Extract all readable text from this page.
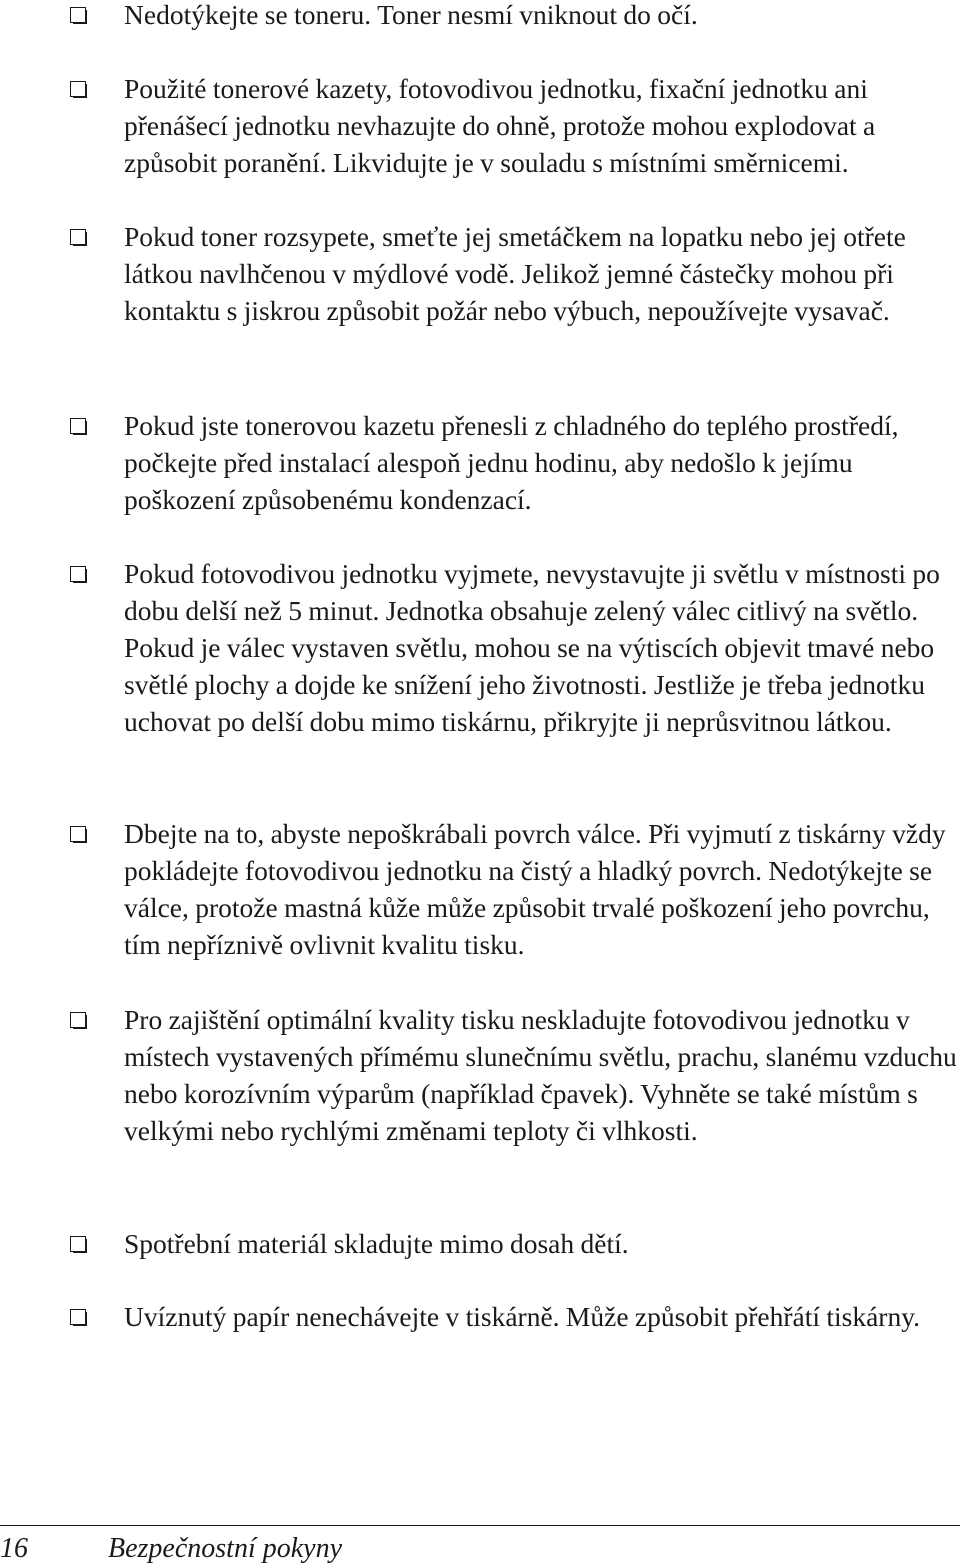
Nedotýkejte se toneru. Toner nesmí vniknout do očí.
Použité tonerové kazety, fotovodivou jednotku, fixační jednotku ani přenášecí jednotku nevhazujte do ohně, protože mohou explodovat a způsobit poranění. Likvidujte je v souladu s místními směrnicemi.
Pokud toner rozsypete, smeťte jej smetáčkem na lopatku nebo jej otřete látkou navlhčenou v mýdlové vodě. Jelikož jemné částečky mohou při kontaktu s jiskrou způsobit požár nebo výbuch, nepoužívejte vysavač.
Pokud jste tonerovou kazetu přenesli z chladného do teplého prostředí, počkejte před instalací alespoň jednu hodinu, aby nedošlo k jejímu poškození způsobenému kondenzací.
Pokud fotovodivou jednotku vyjmete, nevystavujte ji světlu v místnosti po dobu delší než 5 minut. Jednotka obsahuje zelený válec citlivý na světlo. Pokud je válec vystaven světlu, mohou se na výtiscích objevit tmavé nebo světlé plochy a dojde ke snížení jeho životnosti. Jestliže je třeba jednotku uchovat po delší dobu mimo tiskárnu, přikryjte ji neprůsvitnou látkou.
Dbejte na to, abyste nepoškrábali povrch válce. Při vyjmutí z tiskárny vždy pokládejte fotovodivou jednotku na čistý a hladký povrch. Nedotýkejte se válce, protože mastná kůže může způsobit trvalé poškození jeho povrchu, tím nepříznivě ovlivnit kvalitu tisku.
Pro zajištění optimální kvality tisku neskladujte fotovodivou jednotku v místech vystavených přímému slunečnímu světlu, prachu, slanému vzduchu nebo korozívním výparům (například čpavek). Vyhněte se také místům s velkými nebo rychlými změnami teploty či vlhkosti.
Spotřební materiál skladujte mimo dosah dětí.
Uvíznutý papír nenechávejte v tiskárně. Může způsobit přehřátí tiskárny.
16	Bezpečnostní pokyny
